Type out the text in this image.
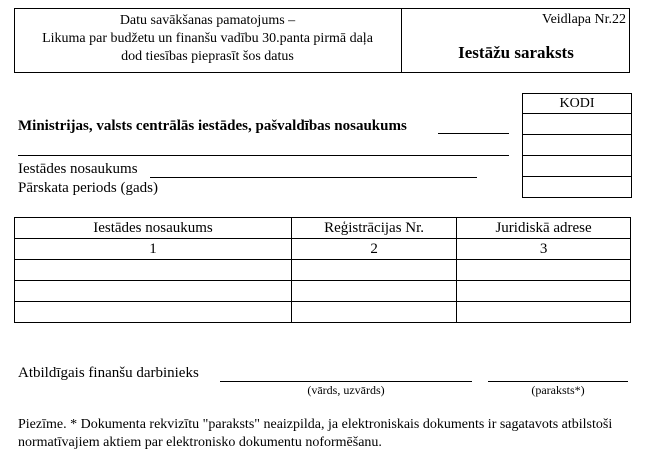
Datu savākšanas pamatojums –
Likuma par budžetu un finanšu vadību 30.panta pirmā daļa
dod tiesības pieprasīt šos datus
Veidlapa Nr.22
Iestāžu saraksts
KODI
Ministrijas, valsts centrālās iestādes, pašvaldības nosaukums
Iestādes nosaukums
Pārskata periods (gads)
Iestādes nosaukums	Reģistrācijas Nr.	Juridiskā adrese
1	2	3

Atbildīgais finanšu darbinieks
(vārds, uzvārds)	(paraksts*)
Piezīme. * Dokumenta rekvizītu "paraksts" neaizpilda, ja elektroniskais dokuments ir sagatavots atbilstoši normatīvajiem aktiem par elektronisko dokumentu noformēšanu.
